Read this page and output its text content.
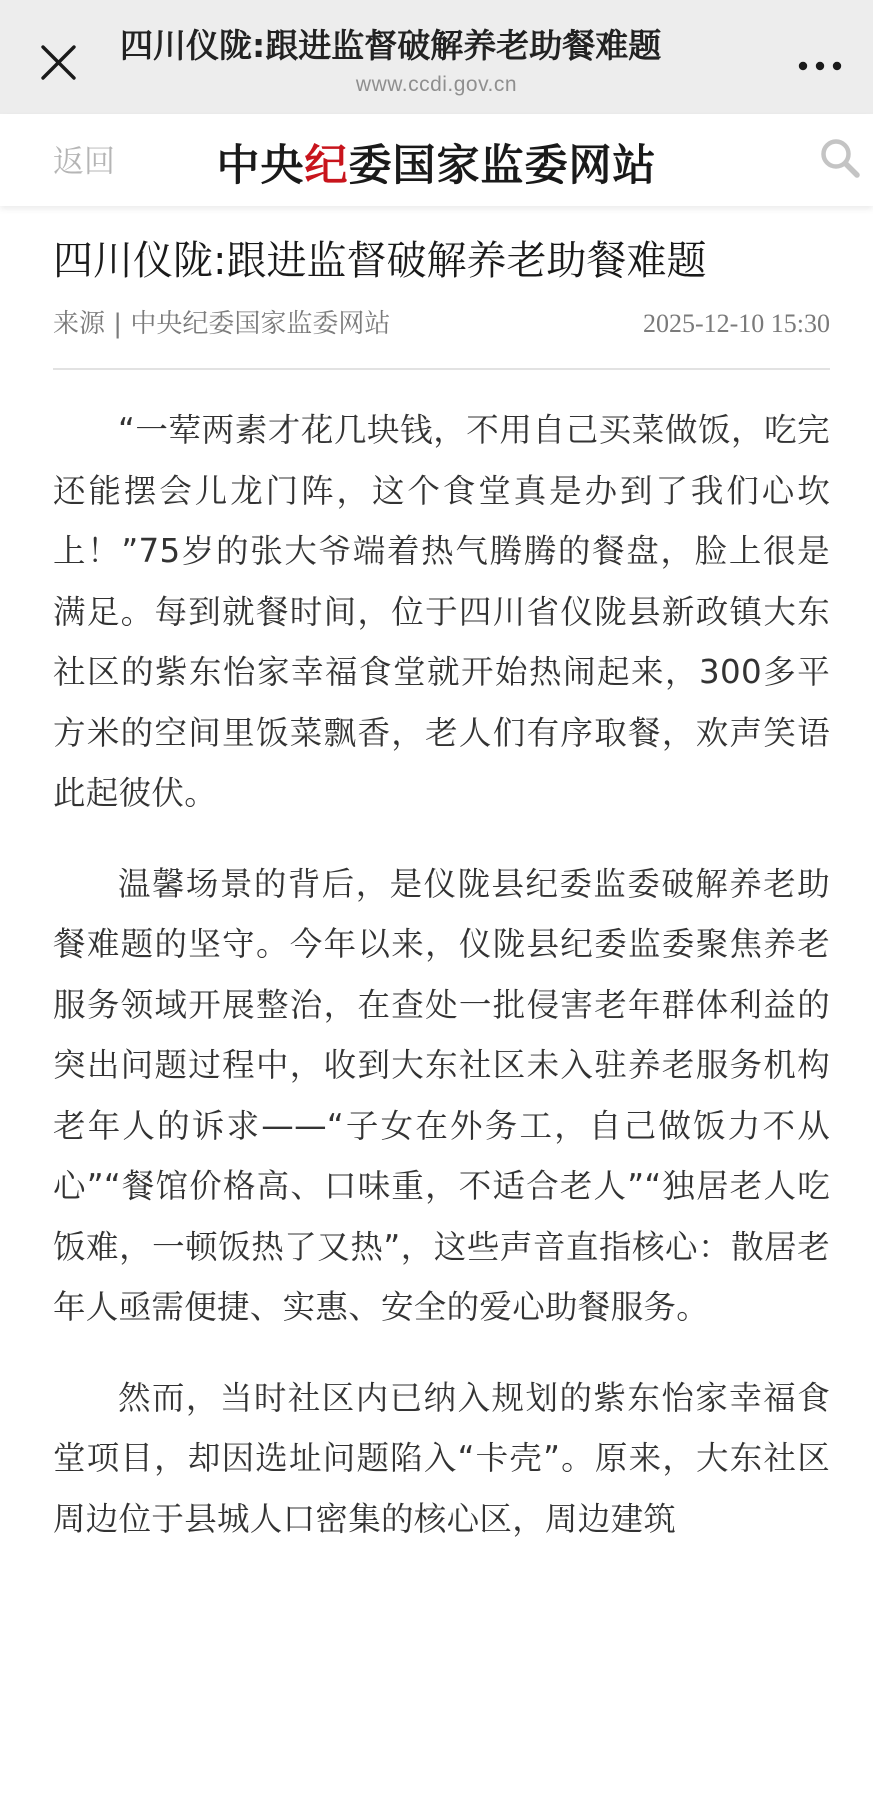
四川仪陇:跟进监督破解养老助餐难题
www.ccdi.gov.cn
返回	中央纪委国家监委网站
四川仪陇:跟进监督破解养老助餐难题
来源 | 中央纪委国家监委网站	2025-12-10 15:30

“一荤两素才花几块钱，不用自己买菜做饭，吃完还能摆会儿龙门阵，这个食堂真是办到了我们心坎上！”75岁的张大爷端着热气腾腾的餐盘，脸上很是满足。每到就餐时间，位于四川省仪陇县新政镇大东社区的紫东怡家幸福食堂就开始热闹起来，300多平方米的空间里饭菜飘香，老人们有序取餐，欢声笑语此起彼伏。

温馨场景的背后，是仪陇县纪委监委破解养老助餐难题的坚守。今年以来，仪陇县纪委监委聚焦养老服务领域开展整治，在查处一批侵害老年群体利益的突出问题过程中，收到大东社区未入驻养老服务机构老年人的诉求——“子女在外务工，自己做饭力不从心”“餐馆价格高、口味重，不适合老人”“独居老人吃饭难，一顿饭热了又热”，这些声音直指核心：散居老年人亟需便捷、实惠、安全的爱心助餐服务。

然而，当时社区内已纳入规划的紫东怡家幸福食堂项目，却因选址问题陷入“卡壳”。原来，大东社区周边位于县城人口密集的核心区，周边建筑
